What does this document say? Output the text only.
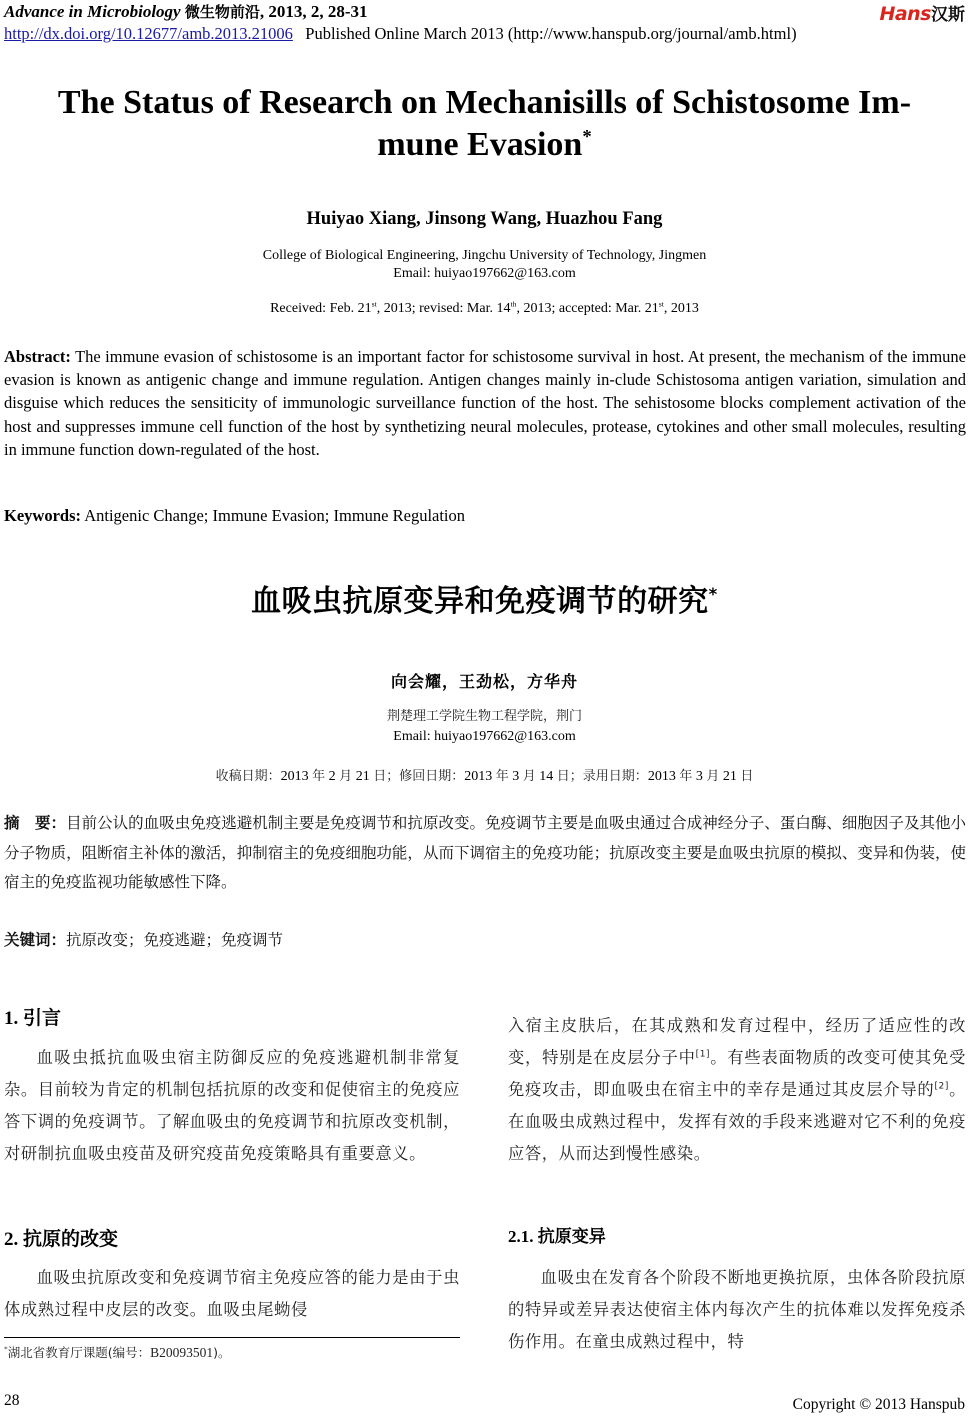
Advance in Microbiology 微生物前沿, 2013, 2, 28-31	Hans汉斯
http://dx.doi.org/10.12677/amb.2013.21006 Published Online March 2013 (http://www.hanspub.org/journal/amb.html)
The Status of Research on Mechanisills of Schistosome Im-
mune Evasion*
Huiyao Xiang, Jinsong Wang, Huazhou Fang
College of Biological Engineering, Jingchu University of Technology, Jingmen
Email: huiyao197662@163.com
Received: Feb. 21st, 2013; revised: Mar. 14th, 2013; accepted: Mar. 21st, 2013
Abstract: The immune evasion of schistosome is an important factor for schistosome survival in host. At present, the mechanism of the immune evasion is known as antigenic change and immune regulation. Antigen changes mainly in-clude Schistosoma antigen variation, simulation and disguise which reduces the sensiticity of immunologic surveillance function of the host. The sehistosome blocks complement activation of the host and suppresses immune cell function of the host by synthetizing neural molecules, protease, cytokines and other small molecules, resulting in immune function down-regulated of the host.
Keywords: Antigenic Change; Immune Evasion; Immune Regulation
血吸虫抗原变异和免疫调节的研究*
向会耀，王劲松，方华舟
荆楚理工学院生物工程学院，荆门
Email: huiyao197662@163.com
收稿日期：2013 年 2 月 21 日；修回日期：2013 年 3 月 14 日；录用日期：2013 年 3 月 21 日
摘　要：目前公认的血吸虫免疫逃避机制主要是免疫调节和抗原改变。免疫调节主要是血吸虫通过合成神经分子、蛋白酶、细胞因子及其他小分子物质，阻断宿主补体的激活，抑制宿主的免疫细胞功能，从而下调宿主的免疫功能；抗原改变主要是血吸虫抗原的模拟、变异和伪装，使宿主的免疫监视功能敏感性下降。
关键词：抗原改变；免疫逃避；免疫调节
1. 引言
血吸虫抵抗血吸虫宿主防御反应的免疫逃避机制非常复杂。目前较为肯定的机制包括抗原的改变和促使宿主的免疫应答下调的免疫调节。了解血吸虫的免疫调节和抗原改变机制，对研制抗血吸虫疫苗及研究疫苗免疫策略具有重要意义。
2. 抗原的改变
血吸虫抗原改变和免疫调节宿主免疫应答的能力是由于虫体成熟过程中皮层的改变。血吸虫尾蚴侵
*湖北省教育厅课题(编号：B20093501)。
入宿主皮肤后，在其成熟和发育过程中，经历了适应性的改变，特别是在皮层分子中[1]。有些表面物质的改变可使其免受免疫攻击，即血吸虫在宿主中的幸存是通过其皮层介导的[2]。在血吸虫成熟过程中，发挥有效的手段来逃避对它不利的免疫应答，从而达到慢性感染。
2.1. 抗原变异
血吸虫在发育各个阶段不断地更换抗原，虫体各阶段抗原的特异或差异表达使宿主体内每次产生的抗体难以发挥免疫杀伤作用。在童虫成熟过程中，特
28	Copyright © 2013 Hanspub
